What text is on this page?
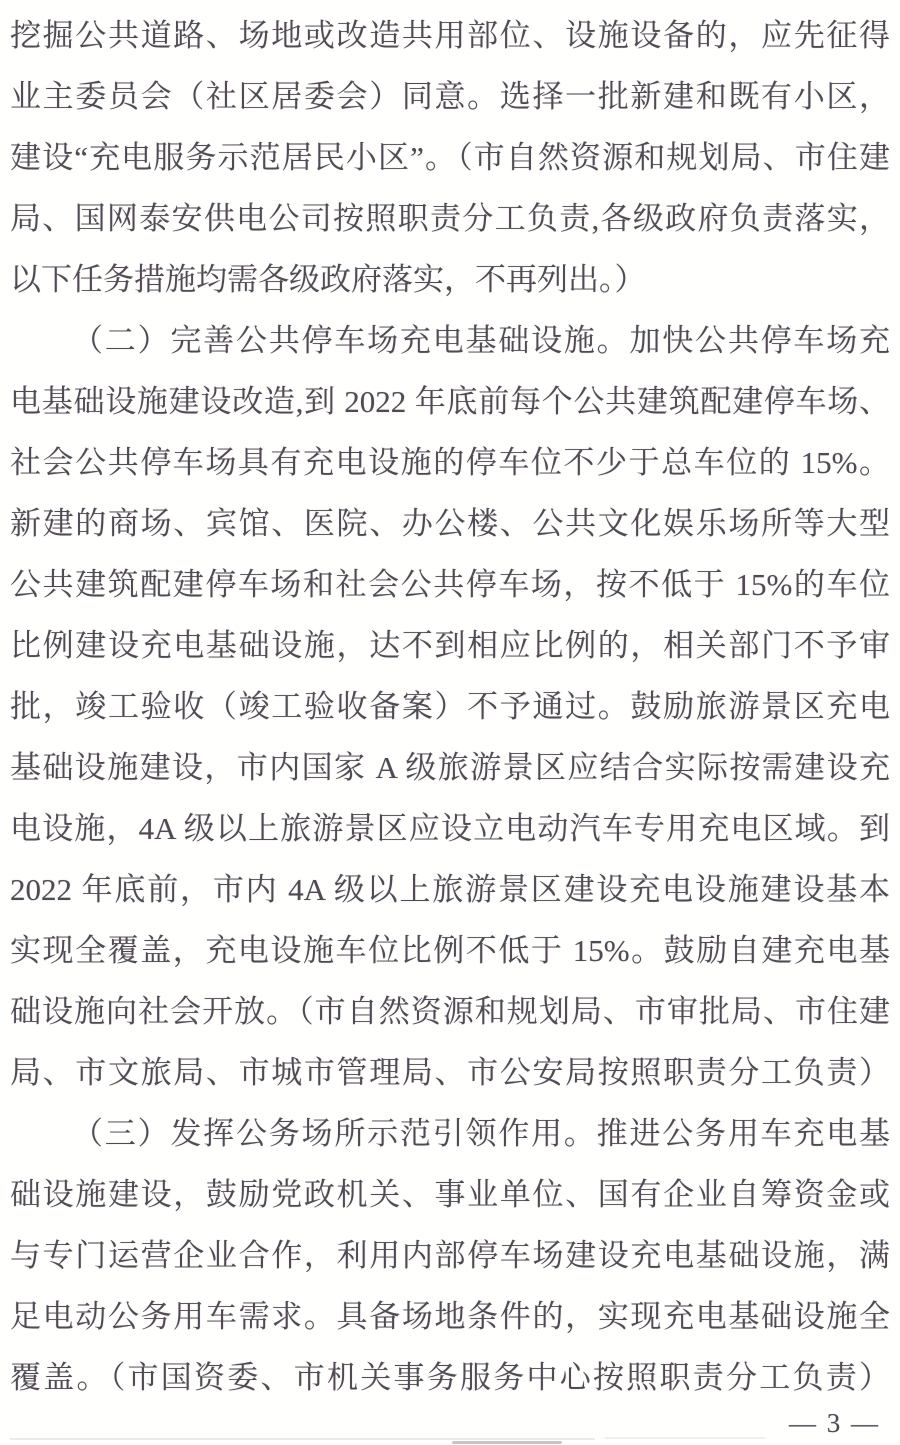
挖掘公共道路、场地或改造共用部位、设施设备的，应先征得
业主委员会（社区居委会）同意。选择一批新建和既有小区，
建设“充电服务示范居民小区”。（市自然资源和规划局、市住建
局、国网泰安供电公司按照职责分工负责,各级政府负责落实，
以下任务措施均需各级政府落实，不再列出。）
（二）完善公共停车场充电基础设施。加快公共停车场充
电基础设施建设改造,到 2022 年底前每个公共建筑配建停车场、
社会公共停车场具有充电设施的停车位不少于总车位的 15%。
新建的商场、宾馆、医院、办公楼、公共文化娱乐场所等大型
公共建筑配建停车场和社会公共停车场，按不低于 15%的车位
比例建设充电基础设施，达不到相应比例的，相关部门不予审
批，竣工验收（竣工验收备案）不予通过。鼓励旅游景区充电
基础设施建设，市内国家 A 级旅游景区应结合实际按需建设充
电设施，4A 级以上旅游景区应设立电动汽车专用充电区域。到
2022 年底前，市内 4A 级以上旅游景区建设充电设施建设基本
实现全覆盖，充电设施车位比例不低于 15%。鼓励自建充电基
础设施向社会开放。（市自然资源和规划局、市审批局、市住建
局、市文旅局、市城市管理局、市公安局按照职责分工负责）
（三）发挥公务场所示范引领作用。推进公务用车充电基
础设施建设，鼓励党政机关、事业单位、国有企业自筹资金或
与专门运营企业合作，利用内部停车场建设充电基础设施，满
足电动公务用车需求。具备场地条件的，实现充电基础设施全
覆盖。（市国资委、市机关事务服务中心按照职责分工负责）
— 3 —
